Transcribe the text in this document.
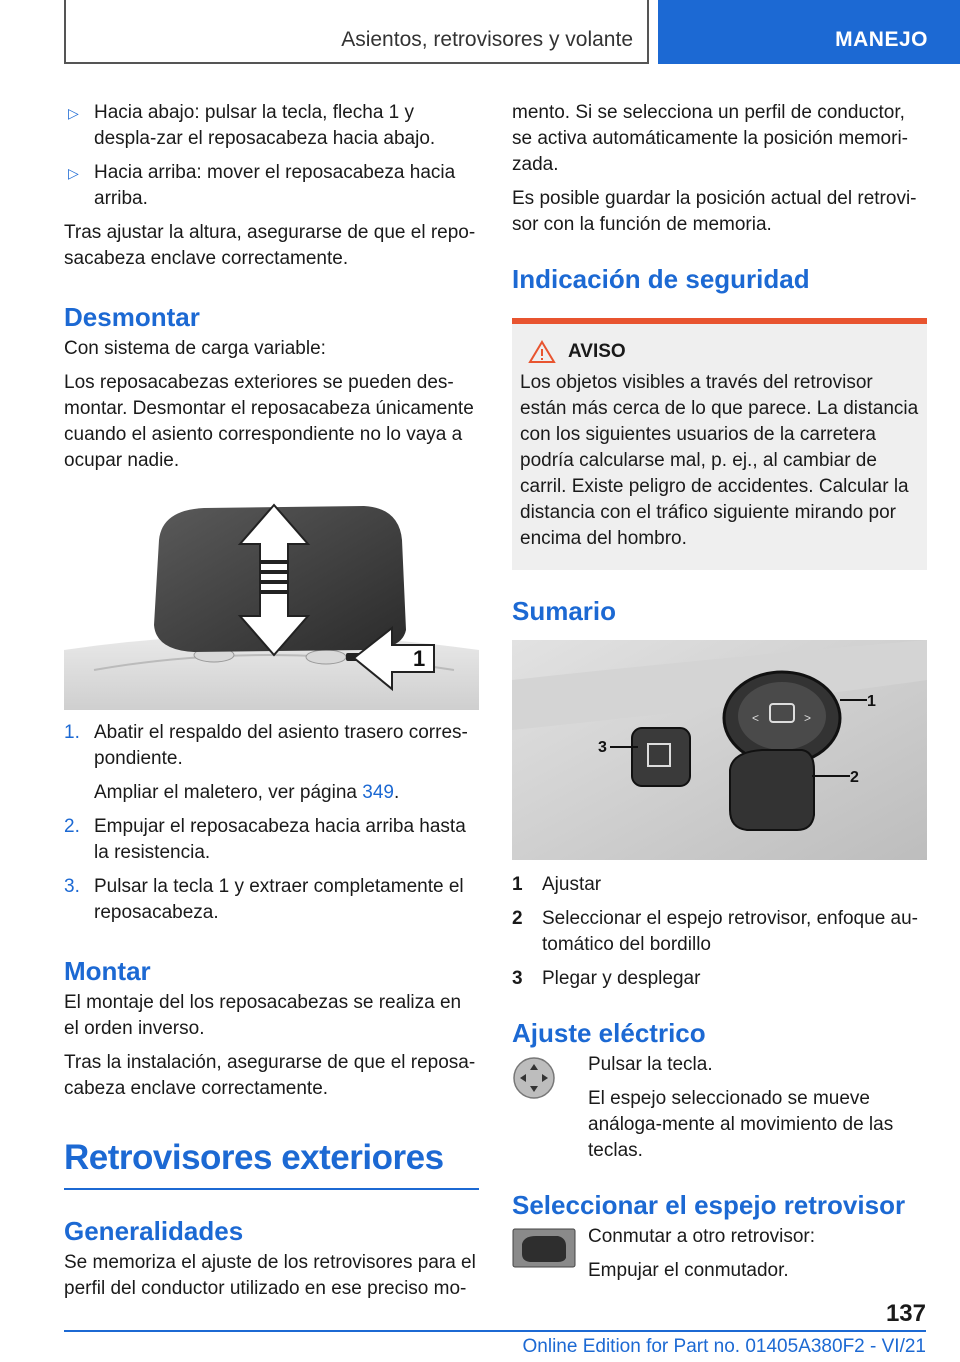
Asientos, retrovisores y volante	MANEJO
▷ Hacia abajo: pulsar la tecla, flecha 1 y despla-zar el reposacabeza hacia abajo.
▷ Hacia arriba: mover el reposacabeza hacia arriba.

Tras ajustar la altura, asegurarse de que el repo-sacabeza enclave correctamente.

Desmontar

Con sistema de carga variable:

Los reposacabezas exteriores se pueden des-montar. Desmontar el reposacabeza únicamente cuando el asiento correspondiente no lo vaya a ocupar nadie.

1
1. Abatir el respaldo del asiento trasero corres-pondiente.
Ampliar el maletero, ver página 349.
2. Empujar el reposacabeza hacia arriba hasta la resistencia.
3. Pulsar la tecla 1 y extraer completamente el reposacabeza.
Montar

El montaje del los reposacabezas se realiza en el orden inverso.

Tras la instalación, asegurarse de que el reposa-cabeza enclave correctamente.

Retrovisores exteriores
Generalidades

Se memoriza el ajuste de los retrovisores para el perfil del conductor utilizado en ese preciso mo-

mento. Si se selecciona un perfil de conductor, se activa automáticamente la posición memori-zada.

Es posible guardar la posición actual del retrovi-sor con la función de memoria.

Indicación de seguridad
AVISO

Los objetos visibles a través del retrovisor están más cerca de lo que parece. La distancia con los siguientes usuarios de la carretera podría calcularse mal, p. ej., al cambiar de carril. Existe peligro de accidentes. Calcular la distancia con el tráfico siguiente mirando por encima del hombro.

Sumario
<	>
1
3
2
1 Ajustar
2 Seleccionar el espejo retrovisor, enfoque au-tomático del bordillo
3 Plegar y desplegar
Ajuste eléctrico

Pulsar la tecla.

El espejo seleccionado se mueve análoga-mente al movimiento de las teclas.

Seleccionar el espejo retrovisor

Conmutar a otro retrovisor:

Empujar el conmutador.

137
Online Edition for Part no. 01405A380F2 - VI/21
